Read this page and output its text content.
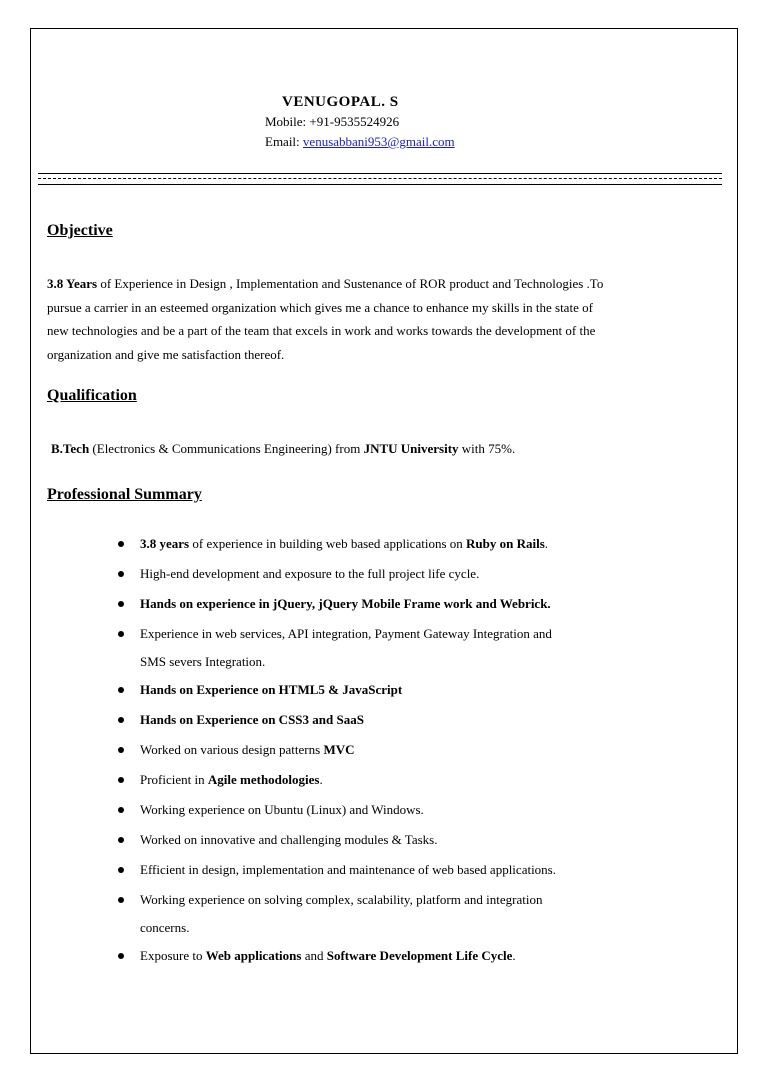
VENUGOPAL. S
Mobile: +91-9535524926
Email: venusabbani953@gmail.com
Objective
3.8 Years of Experience in Design , Implementation and Sustenance of ROR product and Technologies .To
pursue a carrier in an esteemed organization which gives me a chance to enhance my skills in the state of
new technologies and be a part of the team that excels in work and works towards the development of the
organization and give me satisfaction thereof.
Qualification
B.Tech (Electronics & Communications Engineering) from JNTU University with 75%.
Professional Summary
3.8 years of experience in building web based applications on Ruby on Rails.
High-end development and exposure to the full project life cycle.
Hands on experience in jQuery, jQuery Mobile Frame work and Webrick.
Experience in web services, API integration, Payment Gateway Integration and
SMS severs Integration.
Hands on Experience on HTML5 & JavaScript
Hands on Experience on CSS3 and SaaS
Worked on various design patterns MVC
Proficient in Agile methodologies.
Working experience on Ubuntu (Linux) and Windows.
Worked on innovative and challenging modules & Tasks.
Efficient in design, implementation and maintenance of web based applications.
Working experience on solving complex, scalability, platform and integration
concerns.
Exposure to Web applications and Software Development Life Cycle.
